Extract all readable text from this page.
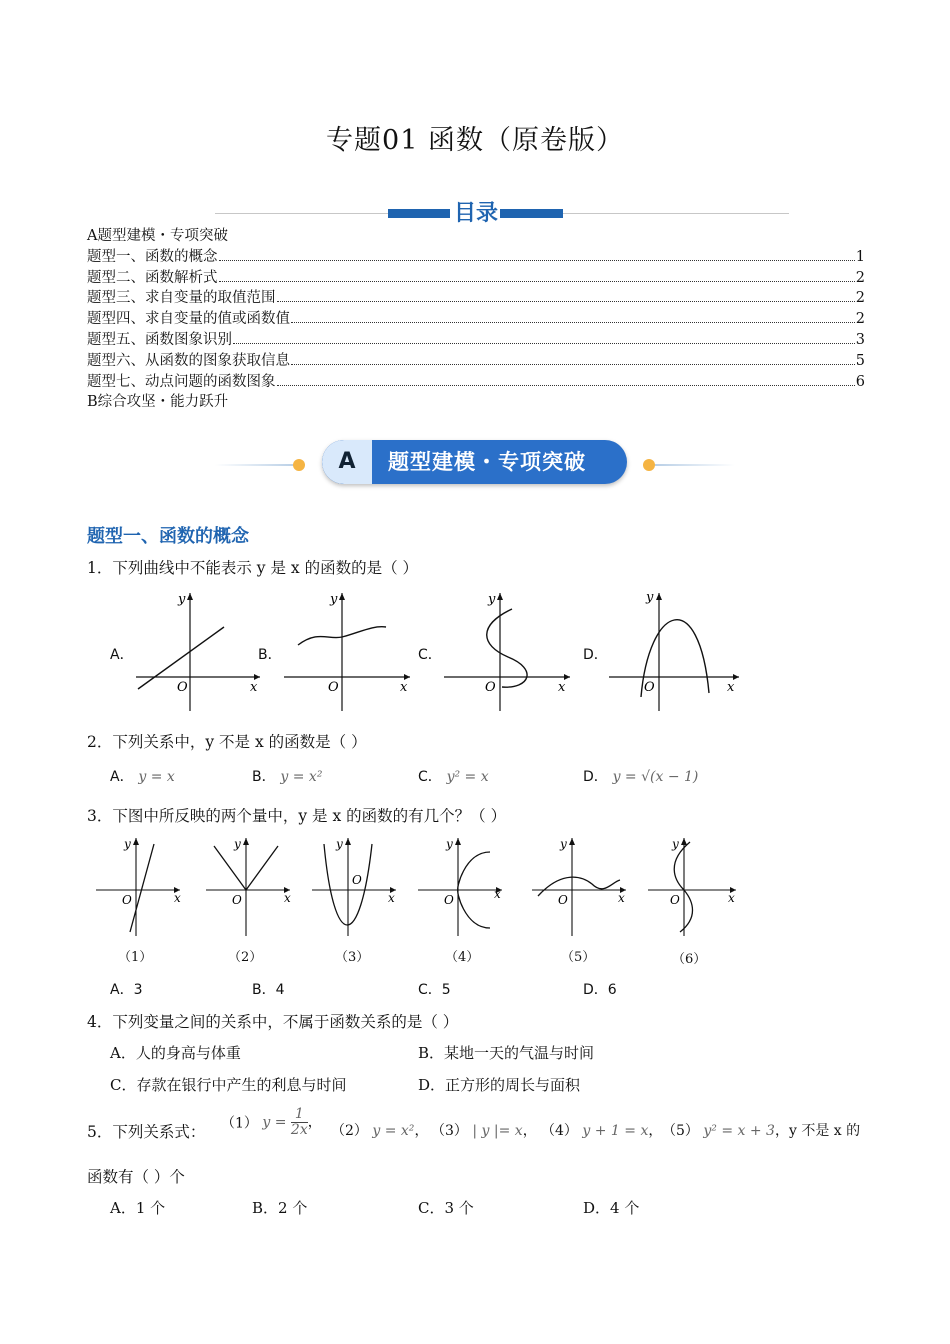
专题01 函数（原卷版）
目录
A题型建模・专项突破
题型一、函数的概念	1
题型二、函数解析式	2
题型三、求自变量的取值范围	2
题型四、求自变量的值或函数值	2
题型五、函数图象识别	3
题型六、从函数的图象获取信息	5
题型七、动点问题的函数图象	6
B综合攻坚・能力跃升
A	题型建模・专项突破
题型一、函数的概念
1．下列曲线中不能表示 y 是 x 的函数的是（ ）
A．	B．	C．	D．
y
x
O
y
x
O
y
x
O
y
x
O
2．下列关系中，y 不是 x 的函数是（ ）
A． y = x	B． y = x²	C． y² = x	D． y = √(x − 1)
3．下图中所反映的两个量中，y 是 x 的函数的有几个？（ ）
y
x
O
y
x
O
y
x
O
y
x
O
y
x
O
y
x
O
（1）	（2）	（3）	（4）	（5）	（6）
A．3	B．4	C．5	D．6
4．下列变量之间的关系中，不属于函数关系的是（ ）
A．人的身高与体重	B．某地一天的气温与时间
C．存款在银行中产生的利息与时间	D．正方形的周长与面积
5．下列关系式： （1） $y = \frac{1}{2x}$ ，
（2） y = x²， （3） | y |= x， （4） y + 1 = x， （5） y² = x + 3，y 不是 x 的
函数有（ ）个
A．1 个	B．2 个	C．3 个	D．4 个
